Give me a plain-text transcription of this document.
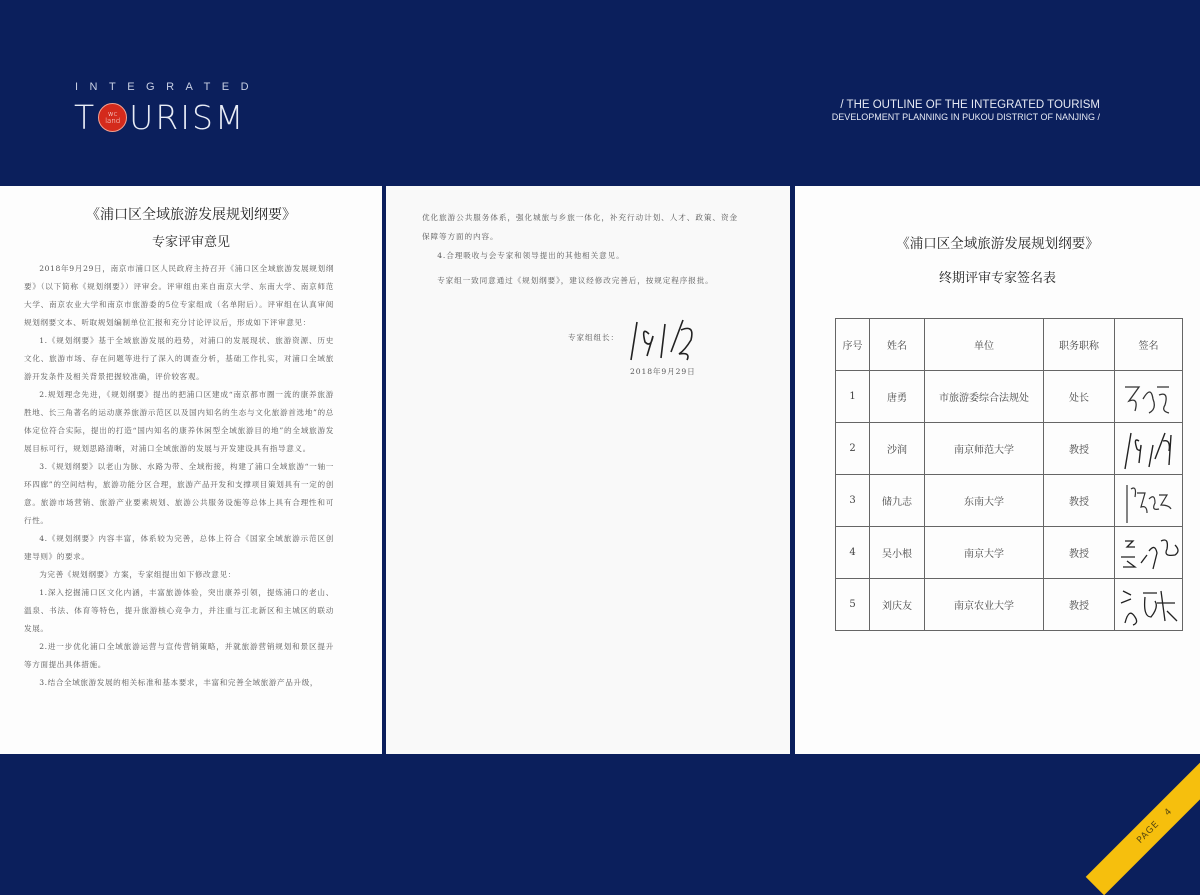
INTEGRATED
T wc
land URISM	/ THE OUTLINE OF THE INTEGRATED TOURISM
DEVELOPMENT PLANNING IN PUKOU DISTRICT OF NANJING /
《浦口区全域旅游发展规划纲要》
专家评审意见

2018年9月29日，南京市浦口区人民政府主持召开《浦口区全域旅游发展规划纲要》（以下简称《规划纲要》）评审会。评审组由来自南京大学、东南大学、南京师范大学、南京农业大学和南京市旅游委的5位专家组成（名单附后）。评审组在认真审阅规划纲要文本、听取规划编制单位汇报和充分讨论评议后，形成如下评审意见：

1.《规划纲要》基于全域旅游发展的趋势，对浦口的发展现状、旅游资源、历史文化、旅游市场、存在问题等进行了深入的调查分析，基础工作扎实，对浦口全域旅游开发条件及相关背景把握较准确，评价较客观。

2.规划理念先进，《规划纲要》提出的把浦口区建成“南京都市圈一流的康养旅游胜地、长三角著名的运动康养旅游示范区以及国内知名的生态与文化旅游首选地”的总体定位符合实际，提出的打造“国内知名的康养休闲型全域旅游目的地”的全域旅游发展目标可行，规划思路清晰，对浦口全域旅游的发展与开发建设具有指导意义。

3.《规划纲要》以老山为脉、水路为带、全域衔接，构建了浦口全域旅游“一轴一环四廊”的空间结构，旅游功能分区合理，旅游产品开发和支撑项目策划具有一定的创意。旅游市场营销、旅游产业要素规划、旅游公共服务设施等总体上具有合理性和可行性。

4.《规划纲要》内容丰富，体系较为完善，总体上符合《国家全域旅游示范区创建导则》的要求。

为完善《规划纲要》方案，专家组提出如下修改意见：

1.深入挖掘浦口区文化内涵，丰富旅游体验，突出康养引领，提炼浦口的老山、温泉、书法、体育等特色，提升旅游核心竞争力，并注重与江北新区和主城区的联动发展。

2.进一步优化浦口全域旅游运营与宣传营销策略，并就旅游营销规划和景区提升等方面提出具体措施。

3.结合全域旅游发展的相关标准和基本要求，丰富和完善全域旅游产品升级，

优化旅游公共服务体系，强化城旅与乡旅一体化，补充行动计划、人才、政策、资金保障等方面的内容。

4.合理吸收与会专家和领导提出的其他相关意见。

专家组一致同意通过《规划纲要》，建议经修改完善后，按规定程序报批。

专家组组长：
2018年9月29日
《浦口区全域旅游发展规划纲要》
终期评审专家签名表
序号	姓名	单位	职务职称	签名
1	唐勇	市旅游委综合法规处	处长	

2	沙润	南京师范大学	教授	

3	储九志	东南大学	教授	

4	吴小根	南京大学	教授	

5	刘庆友	南京农业大学	教授	
PAGE

4
